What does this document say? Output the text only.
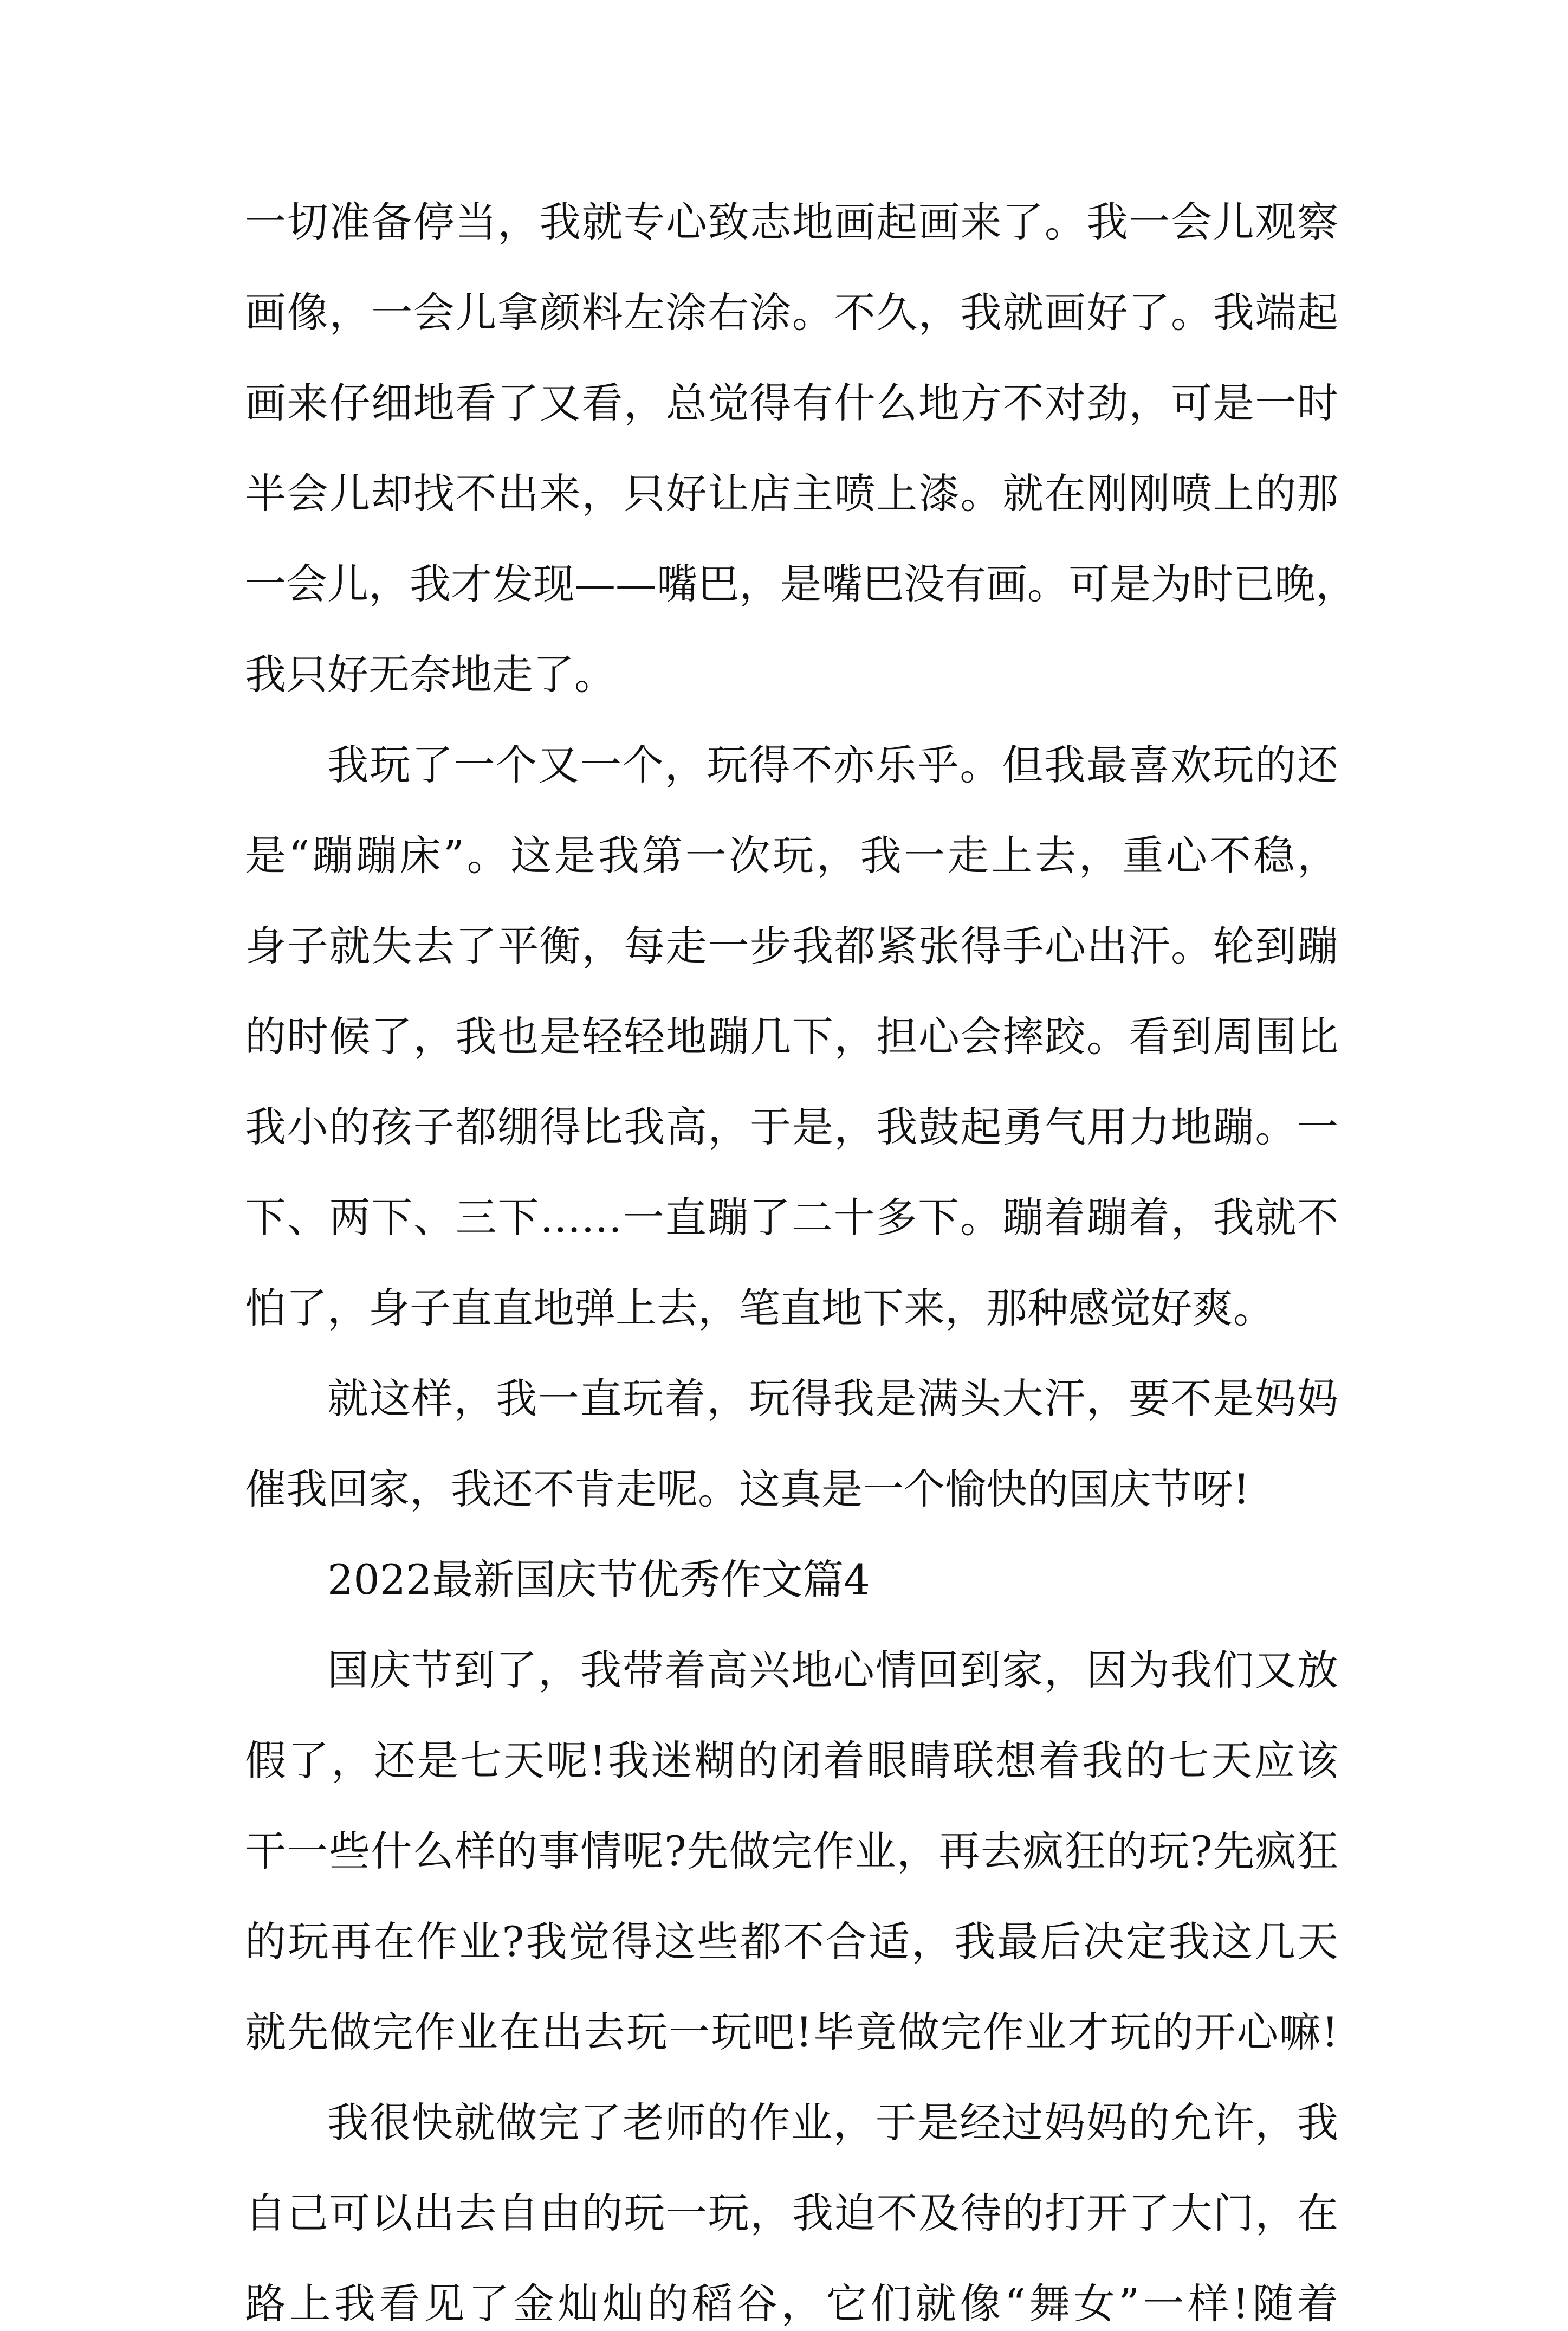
一切准备停当，我就专心致志地画起画来了。我一会儿观察
画像，一会儿拿颜料左涂右涂。不久，我就画好了。我端起
画来仔细地看了又看，总觉得有什么地方不对劲，可是一时
半会儿却找不出来，只好让店主喷上漆。就在刚刚喷上的那
一会儿，我才发现——嘴巴，是嘴巴没有画。可是为时已晚，
我只好无奈地走了。
我玩了一个又一个，玩得不亦乐乎。但我最喜欢玩的还
是“蹦蹦床”。这是我第一次玩，我一走上去，重心不稳，
身子就失去了平衡，每走一步我都紧张得手心出汗。轮到蹦
的时候了，我也是轻轻地蹦几下，担心会摔跤。看到周围比
我小的孩子都绷得比我高，于是，我鼓起勇气用力地蹦。一
下、两下、三下……一直蹦了二十多下。蹦着蹦着，我就不
怕了，身子直直地弹上去，笔直地下来，那种感觉好爽。
就这样，我一直玩着，玩得我是满头大汗，要不是妈妈
催我回家，我还不肯走呢。这真是一个愉快的国庆节呀!
2022最新国庆节优秀作文篇4
国庆节到了，我带着高兴地心情回到家，因为我们又放
假了，还是七天呢!我迷糊的闭着眼睛联想着我的七天应该
干一些什么样的事情呢?先做完作业，再去疯狂的玩?先疯狂
的玩再在作业?我觉得这些都不合适，我最后决定我这几天
就先做完作业在出去玩一玩吧!毕竟做完作业才玩的开心嘛!
我很快就做完了老师的作业，于是经过妈妈的允许，我
自己可以出去自由的玩一玩，我迫不及待的打开了大门，在
路上我看见了金灿灿的稻谷，它们就像“舞女”一样!随着
